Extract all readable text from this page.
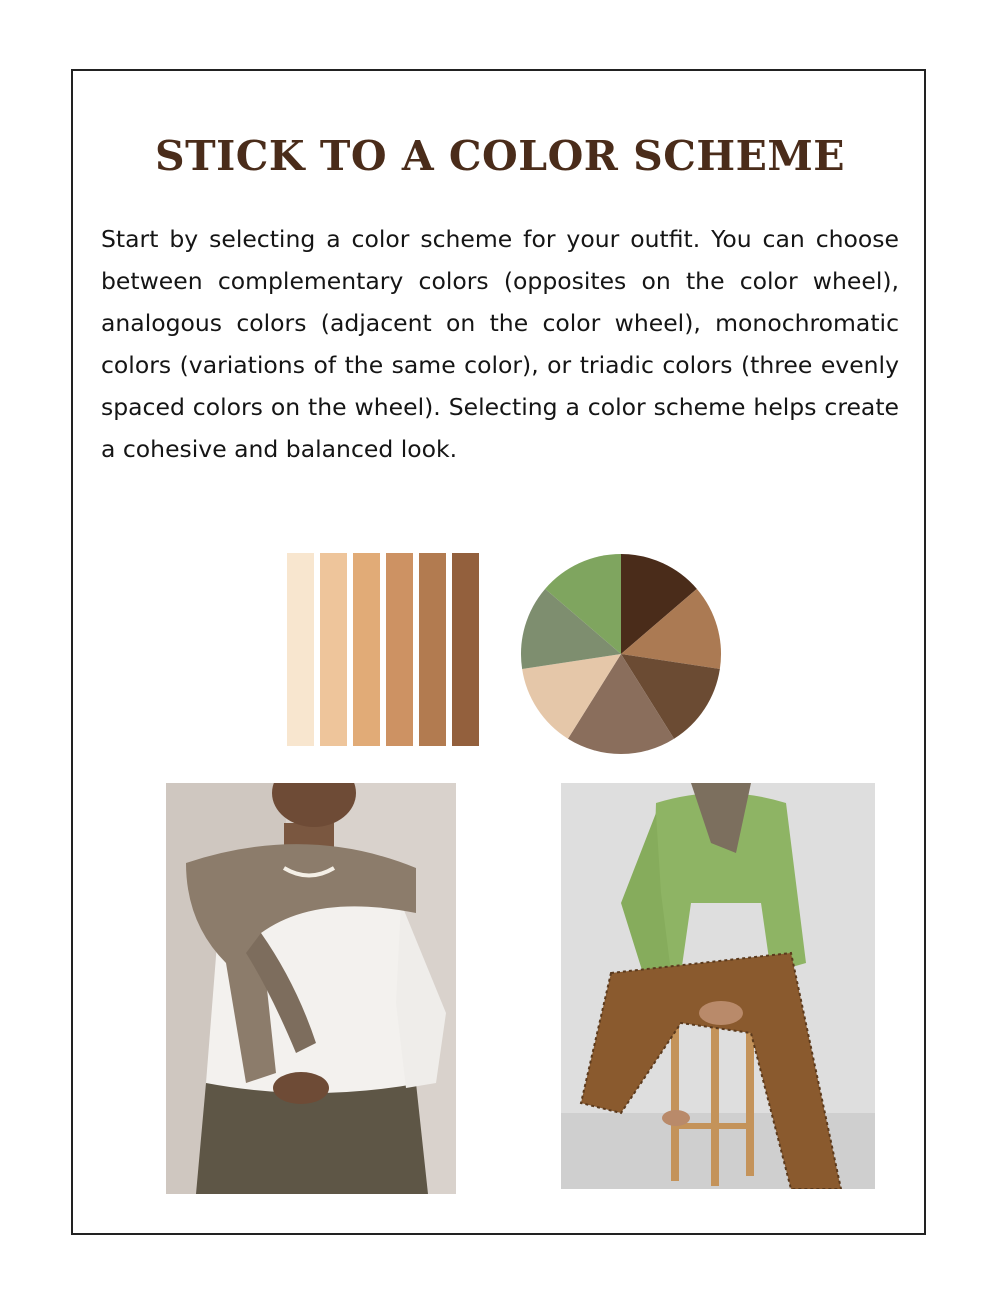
STICK TO A COLOR SCHEME

Start by selecting a color scheme for your outfit. You can choose between complementary colors (opposites on the color wheel), analogous colors (adjacent on the color wheel), monochromatic colors (variations of the same color), or triadic colors (three evenly spaced colors on the wheel). Selecting a color scheme helps create a cohesive and balanced look.
